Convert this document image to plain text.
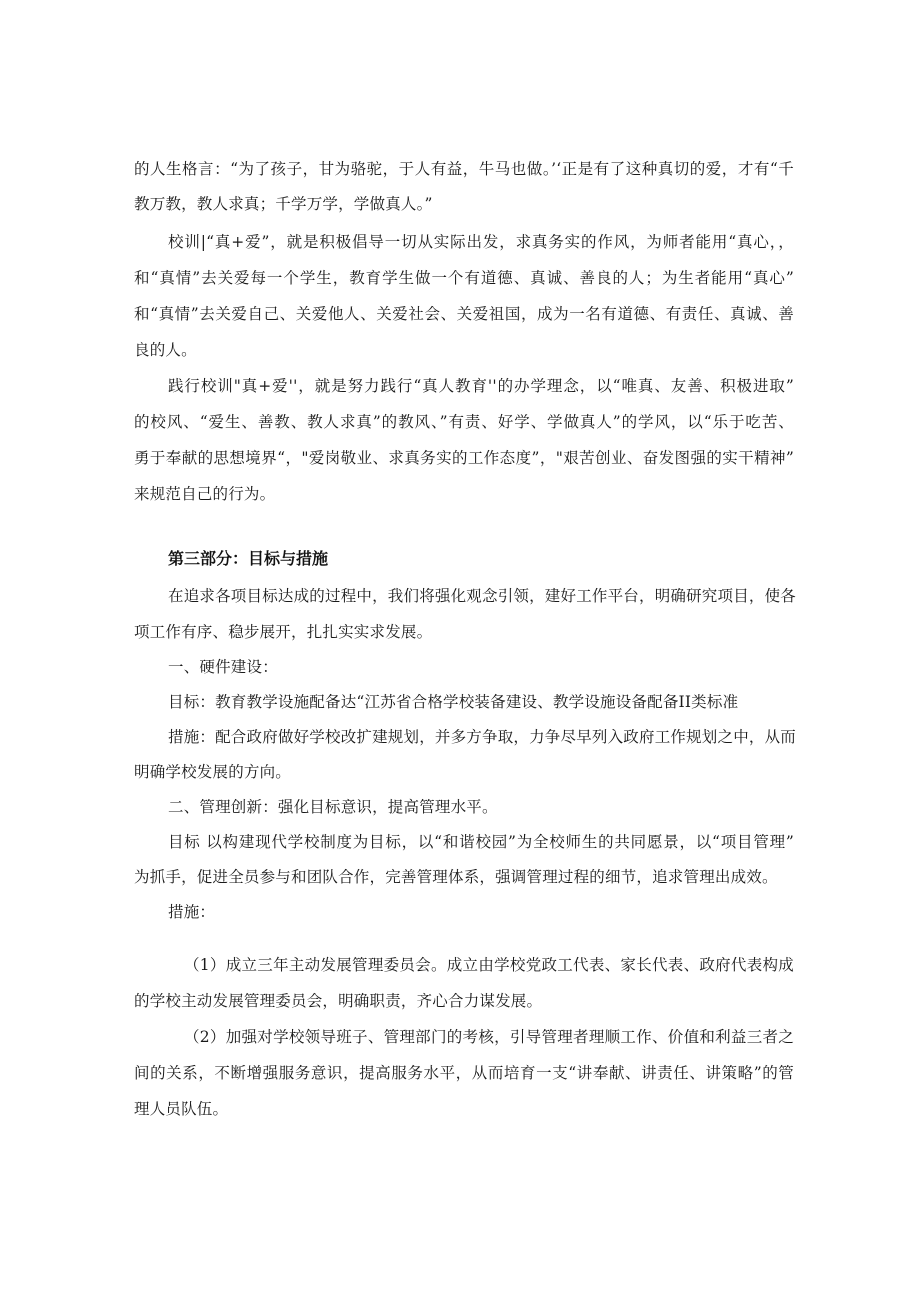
的人生格言：“为了孩子，甘为骆驼，于人有益，牛马也做。’‘正是有了这种真切的爱，才有“千
教万教，教人求真；千学万学，学做真人。”
校训|“真+爱”，就是积极倡导一切从实际出发，求真务实的作风，为师者能用“真心，，
和“真情”去关爱每一个学生，教育学生做一个有道德、真诚、善良的人；为生者能用“真心”
和“真情”去关爱自己、关爱他人、关爱社会、关爱祖国，成为一名有道德、有责任、真诚、善
良的人。
践行校训"真+爱''，就是努力践行“真人教育''的办学理念，以“唯真、友善、积极进取”
的校风、“爱生、善教、教人求真”的教风、”有责、好学、学做真人”的学风，以“乐于吃苦、
勇于奉献的思想境界“，"爱岗敬业、求真务实的工作态度”，"艰苦创业、奋发图强的实干精神”
来规范自己的行为。
第三部分：目标与措施
在追求各项目标达成的过程中，我们将强化观念引领，建好工作平台，明确研究项目，使各
项工作有序、稳步展开，扎扎实实求发展。
一、硬件建设：
目标：教育教学设施配备达“江苏省合格学校装备建设、教学设施设备配备II类标准
措施：配合政府做好学校改扩建规划，并多方争取，力争尽早列入政府工作规划之中，从而
明确学校发展的方向。
二、管理创新：强化目标意识，提高管理水平。
目标 以构建现代学校制度为目标，以“和谐校园”为全校师生的共同愿景，以“项目管理”
为抓手，促进全员参与和团队合作，完善管理体系，强调管理过程的细节，追求管理出成效。
措施：
（1）成立三年主动发展管理委员会。成立由学校党政工代表、家长代表、政府代表构成
的学校主动发展管理委员会，明确职责，齐心合力谋发展。
（2）加强对学校领导班子、管理部门的考核，引导管理者理顺工作、价值和利益三者之
间的关系，不断增强服务意识，提高服务水平，从而培育一支“讲奉献、讲责任、讲策略”的管
理人员队伍。
